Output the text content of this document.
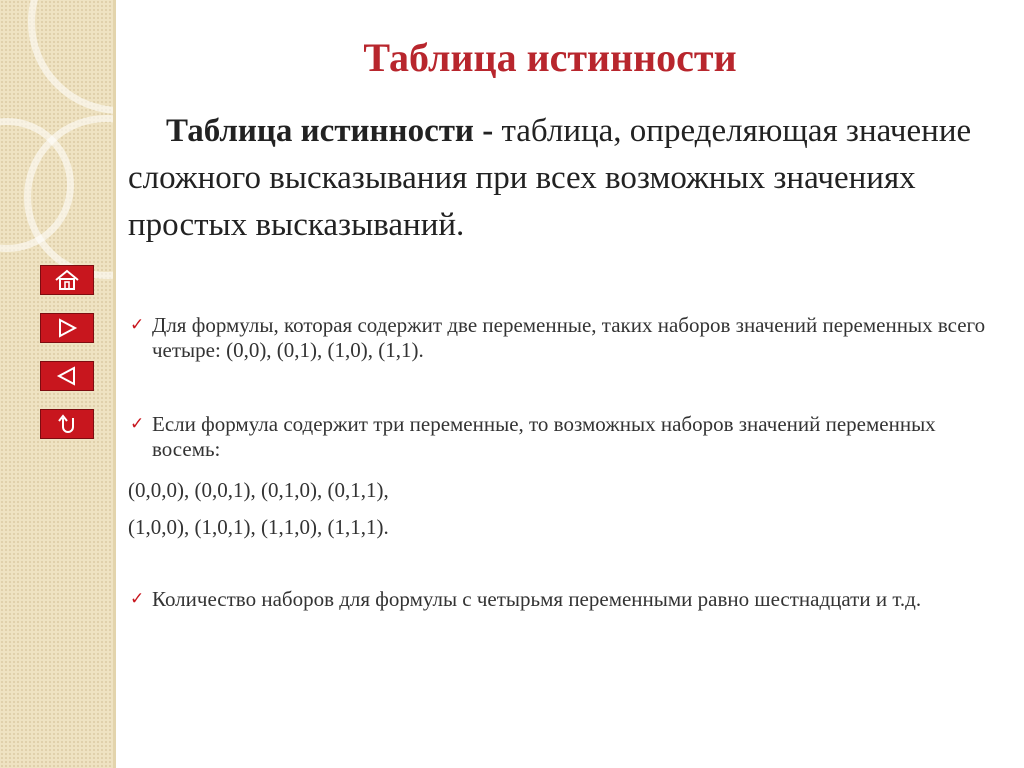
Таблица истинности

Таблица истинности - таблица, определяющая значение сложного высказывания при всех возможных значениях простых высказываний.

✓ Для формулы, которая содержит две переменные, таких наборов значений переменных всего четыре: (0,0), (0,1), (1,0), (1,1).
✓ Если формула содержит три переменные, то возможных наборов значений переменных восемь:

(0,0,0), (0,0,1), (0,1,0), (0,1,1),

(1,0,0), (1,0,1), (1,1,0), (1,1,1).

✓ Количество наборов для формулы с четырьмя переменными равно шестнадцати и т.д.
